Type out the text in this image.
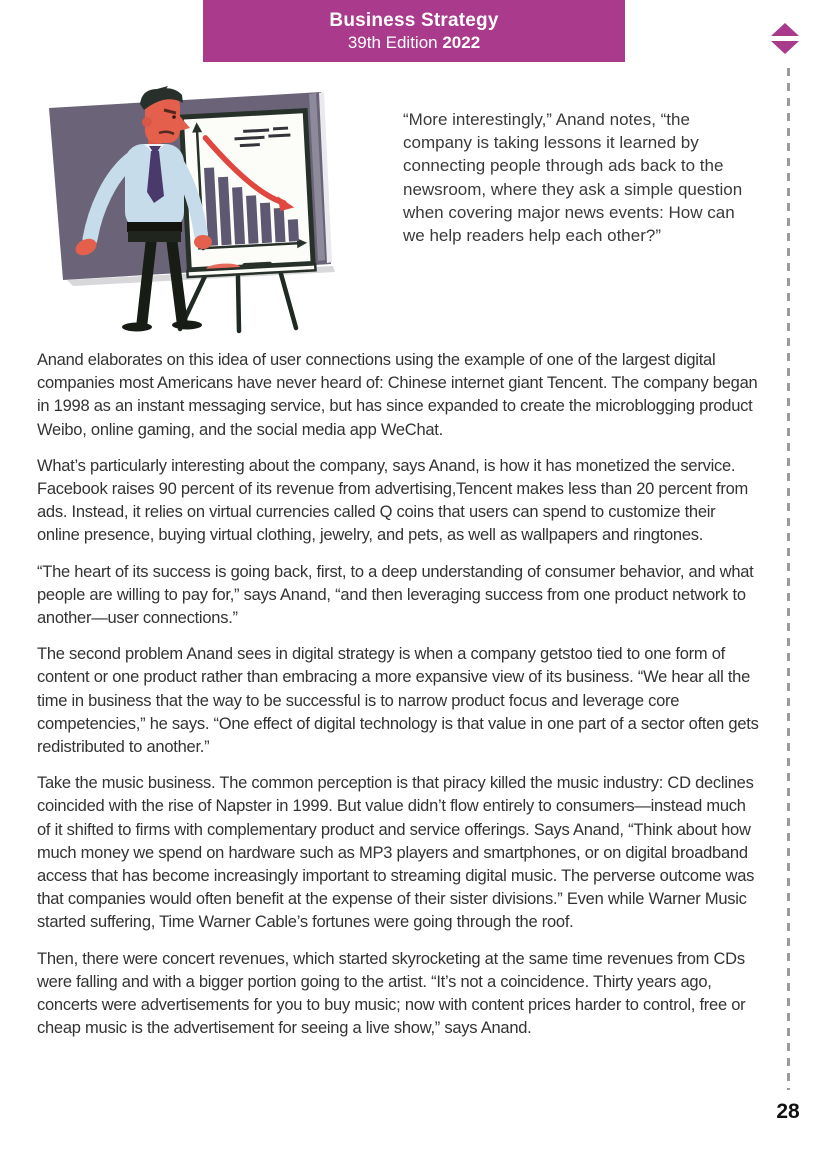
Business Strategy
39th Edition 2022
“More interestingly,” Anand notes, “the company is taking lessons it learned by connecting people through ads back to the newsroom, where they ask a simple question when covering major news events: How can we help readers help each other?”

Anand elaborates on this idea of user connections using the example of one of the largest digital companies most Americans have never heard of: Chinese internet giant Tencent. The company began in 1998 as an instant messaging service, but has since expanded to create the microblogging product Weibo, online gaming, and the social media app WeChat.

What’s particularly interesting about the company, says Anand, is how it has monetized the service. Facebook raises 90 percent of its revenue from advertising,Tencent makes less than 20 percent from ads. Instead, it relies on virtual currencies called Q coins that users can spend to customize their online presence, buying virtual clothing, jewelry, and pets, as well as wallpapers and ringtones.

“The heart of its success is going back, first, to a deep understanding of consumer behavior, and what people are willing to pay for,” says Anand, “and then leveraging success from one product network to another—user connections.”

The second problem Anand sees in digital strategy is when a company getstoo tied to one form of content or one product rather than embracing a more expansive view of its business. “We hear all the time in business that the way to be successful is to narrow product focus and leverage core competencies,” he says. “One effect of digital technology is that value in one part of a sector often gets redistributed to another.”

Take the music business. The common perception is that piracy killed the music industry: CD declines coincided with the rise of Napster in 1999. But value didn’t flow entirely to consumers—instead much of it shifted to firms with complementary product and service offerings. Says Anand, “Think about how much money we spend on hardware such as MP3 players and smartphones, or on digital broadband access that has become increasingly important to streaming digital music. The perverse outcome was that companies would often benefit at the expense of their sister divisions.” Even while Warner Music started suffering, Time Warner Cable’s fortunes were going through the roof.

Then, there were concert revenues, which started skyrocketing at the same time revenues from CDs were falling and with a bigger portion going to the artist. “It’s not a coincidence. Thirty years ago, concerts were advertisements for you to buy music; now with content prices harder to control, free or cheap music is the advertisement for seeing a live show,” says Anand.

28
